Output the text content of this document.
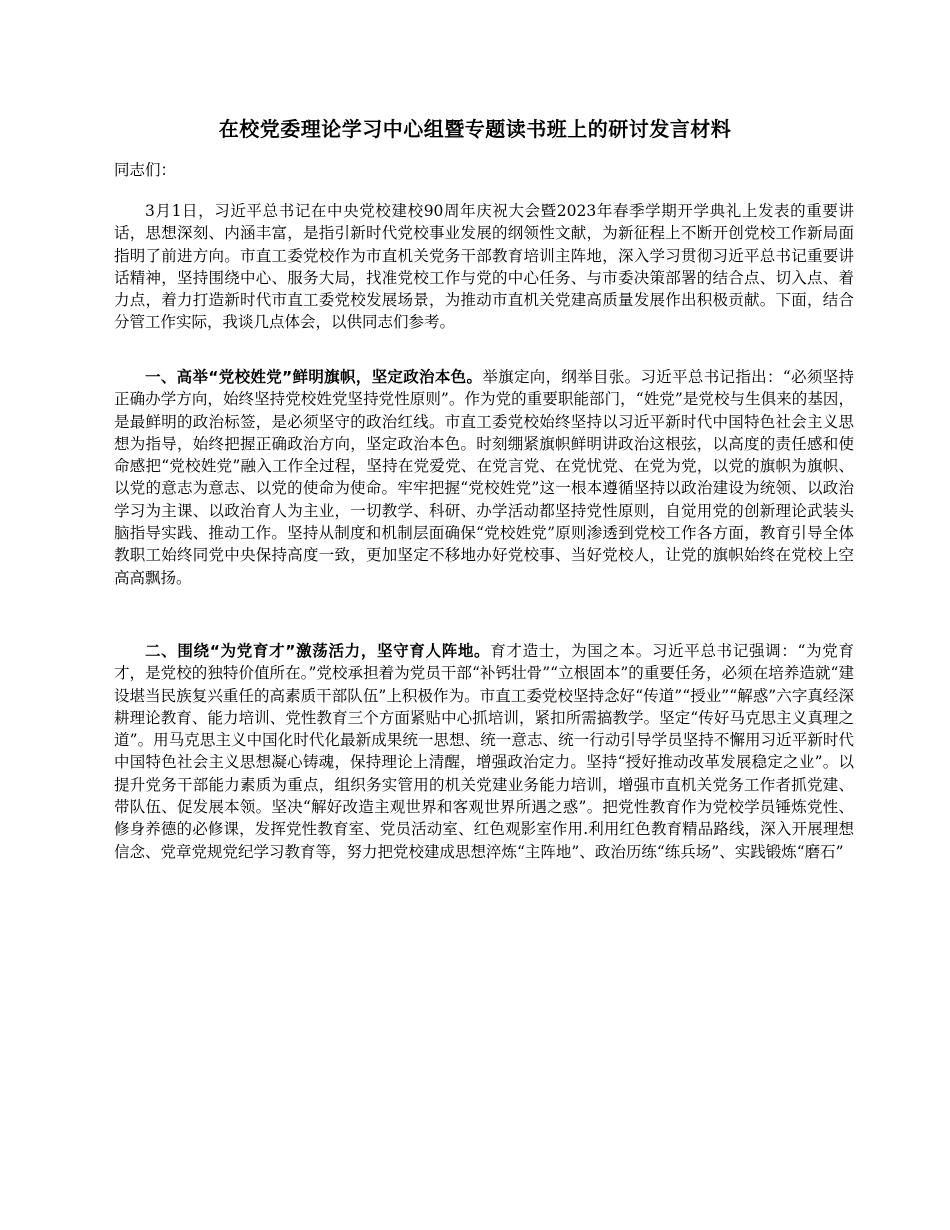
在校党委理论学习中心组暨专题读书班上的研讨发言材料
同志们：

3月1日，习近平总书记在中央党校建校90周年庆祝大会暨2023年春季学期开学典礼上发表的重要讲话，思想深刻、内涵丰富，是指引新时代党校事业发展的纲领性文献，为新征程上不断开创党校工作新局面指明了前进方向。市直工委党校作为市直机关党务干部教育培训主阵地，深入学习贯彻习近平总书记重要讲话精神，坚持围绕中心、服务大局，找准党校工作与党的中心任务、与市委决策部署的结合点、切入点、着力点，着力打造新时代市直工委党校发展场景，为推动市直机关党建高质量发展作出积极贡献。下面，结合分管工作实际，我谈几点体会，以供同志们参考。

一、高举“党校姓党”鲜明旗帜，坚定政治本色。举旗定向，纲举目张。习近平总书记指出：“必须坚持正确办学方向，始终坚持党校姓党坚持党性原则”。作为党的重要职能部门，“姓党”是党校与生俱来的基因，是最鲜明的政治标签，是必须坚守的政治红线。市直工委党校始终坚持以习近平新时代中国特色社会主义思想为指导，始终把握正确政治方向，坚定政治本色。时刻绷紧旗帜鲜明讲政治这根弦，以高度的责任感和使命感把“党校姓党”融入工作全过程，坚持在党爱党、在党言党、在党忧党、在党为党，以党的旗帜为旗帜、以党的意志为意志、以党的使命为使命。牢牢把握“党校姓党”这一根本遵循坚持以政治建设为统领、以政治学习为主课、以政治育人为主业，一切教学、科研、办学活动都坚持党性原则，自觉用党的创新理论武装头脑指导实践、推动工作。坚持从制度和机制层面确保“党校姓党”原则渗透到党校工作各方面，教育引导全体教职工始终同党中央保持高度一致，更加坚定不移地办好党校事、当好党校人，让党的旗帜始终在党校上空高高飘扬。

二、围绕“为党育才”激荡活力，坚守育人阵地。育才造士，为国之本。习近平总书记强调：“为党育才，是党校的独特价值所在。”党校承担着为党员干部“补钙壮骨”“立根固本”的重要任务，必须在培养造就“建设堪当民族复兴重任的高素质干部队伍”上积极作为。市直工委党校坚持念好“传道”“授业”“解惑”六字真经深耕理论教育、能力培训、党性教育三个方面紧贴中心抓培训，紧扣所需搞教学。坚定“传好马克思主义真理之道”。用马克思主义中国化时代化最新成果统一思想、统一意志、统一行动引导学员坚持不懈用习近平新时代中国特色社会主义思想凝心铸魂，保持理论上清醒，增强政治定力。坚持“授好推动改革发展稳定之业”。以提升党务干部能力素质为重点，组织务实管用的机关党建业务能力培训，增强市直机关党务工作者抓党建、带队伍、促发展本领。坚决“解好改造主观世界和客观世界所遇之惑”。把党性教育作为党校学员锤炼党性、修身养德的必修课，发挥党性教育室、党员活动室、红色观影室作用.利用红色教育精品路线，深入开展理想信念、党章党规党纪学习教育等，努力把党校建成思想淬炼“主阵地”、政治历练“练兵场”、实践锻炼“磨石”
